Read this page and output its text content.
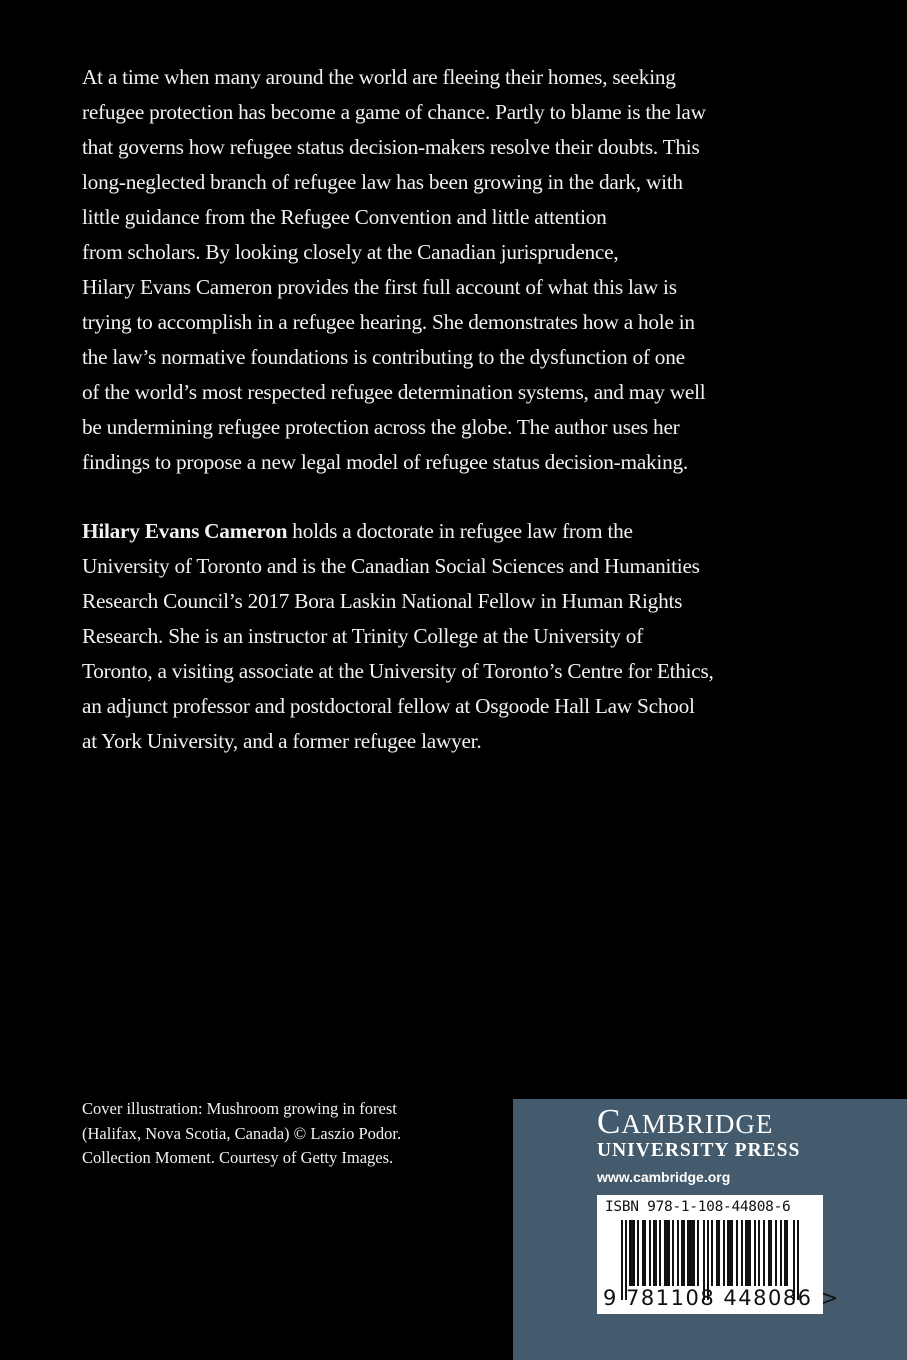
At a time when many around the world are fleeing their homes, seeking
refugee protection has become a game of chance. Partly to blame is the law
that governs how refugee status decision-makers resolve their doubts. This
long-neglected branch of refugee law has been growing in the dark, with
little guidance from the Refugee Convention and little attention
from scholars. By looking closely at the Canadian jurisprudence,
Hilary Evans Cameron provides the first full account of what this law is
trying to accomplish in a refugee hearing. She demonstrates how a hole in
the law’s normative foundations is contributing to the dysfunction of one
of the world’s most respected refugee determination systems, and may well
be undermining refugee protection across the globe. The author uses her
findings to propose a new legal model of refugee status decision-making.
Hilary Evans Cameron holds a doctorate in refugee law from the
University of Toronto and is the Canadian Social Sciences and Humanities
Research Council’s 2017 Bora Laskin National Fellow in Human Rights
Research. She is an instructor at Trinity College at the University of
Toronto, a visiting associate at the University of Toronto’s Centre for Ethics,
an adjunct professor and postdoctoral fellow at Osgoode Hall Law School
at York University, and a former refugee lawyer.
Cover illustration: Mushroom growing in forest
(Halifax, Nova Scotia, Canada) © Laszio Podor.
Collection Moment. Courtesy of Getty Images.
CAMBRIDGE
UNIVERSITY PRESS
www.cambridge.org
ISBN 978-1-108-44808-6
9 781108 448086 >
